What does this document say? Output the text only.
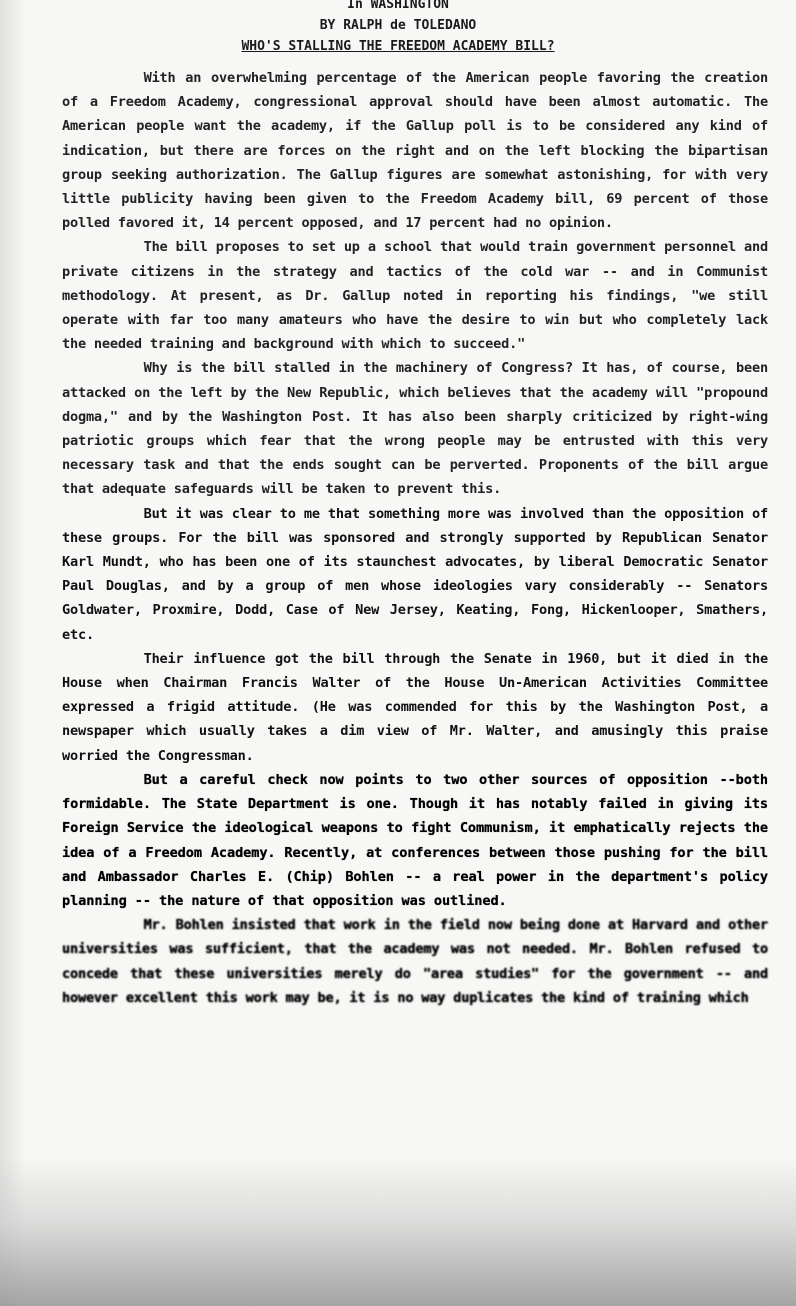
In WASHINGTON
BY RALPH de TOLEDANO
WHO'S STALLING THE FREEDOM ACADEMY BILL?

With an overwhelming percentage of the American people favoring the creation of a Freedom Academy, congressional approval should have been almost automatic. The American people want the academy, if the Gallup poll is to be considered any kind of indication, but there are forces on the right and on the left blocking the bipartisan group seeking authorization. The Gallup figures are somewhat astonishing, for with very little publicity having been given to the Freedom Academy bill, 69 percent of those polled favored it, 14 percent opposed, and 17 percent had no opinion.

The bill proposes to set up a school that would train government personnel and private citizens in the strategy and tactics of the cold war -- and in Communist methodology. At present, as Dr. Gallup noted in reporting his findings, "we still operate with far too many amateurs who have the desire to win but who completely lack the needed training and background with which to succeed."

Why is the bill stalled in the machinery of Congress? It has, of course, been attacked on the left by the New Republic, which believes that the academy will "propound dogma," and by the Washington Post. It has also been sharply criticized by right-wing patriotic groups which fear that the wrong people may be entrusted with this very necessary task and that the ends sought can be perverted. Proponents of the bill argue that adequate safeguards will be taken to prevent this.

But it was clear to me that something more was involved than the opposition of these groups. For the bill was sponsored and strongly supported by Republican Senator Karl Mundt, who has been one of its staunchest advocates, by liberal Democratic Senator Paul Douglas, and by a group of men whose ideologies vary considerably -- Senators Goldwater, Proxmire, Dodd, Case of New Jersey, Keating, Fong, Hickenlooper, Smathers, etc.

Their influence got the bill through the Senate in 1960, but it died in the House when Chairman Francis Walter of the House Un-American Activities Committee expressed a frigid attitude. (He was commended for this by the Washington Post, a newspaper which usually takes a dim view of Mr. Walter, and amusingly this praise worried the Congressman.

But a careful check now points to two other sources of opposition --both formidable. The State Department is one. Though it has notably failed in giving its Foreign Service the ideological weapons to fight Communism, it emphatically rejects the idea of a Freedom Academy. Recently, at conferences between those pushing for the bill and Ambassador Charles E. (Chip) Bohlen -- a real power in the department's policy planning -- the nature of that opposition was outlined.

Mr. Bohlen insisted that work in the field now being done at Harvard and other universities was sufficient, that the academy was not needed. Mr. Bohlen refused to concede that these universities merely do "area studies" for the government -- and however excellent this work may be, it is no way duplicates the kind of training which
